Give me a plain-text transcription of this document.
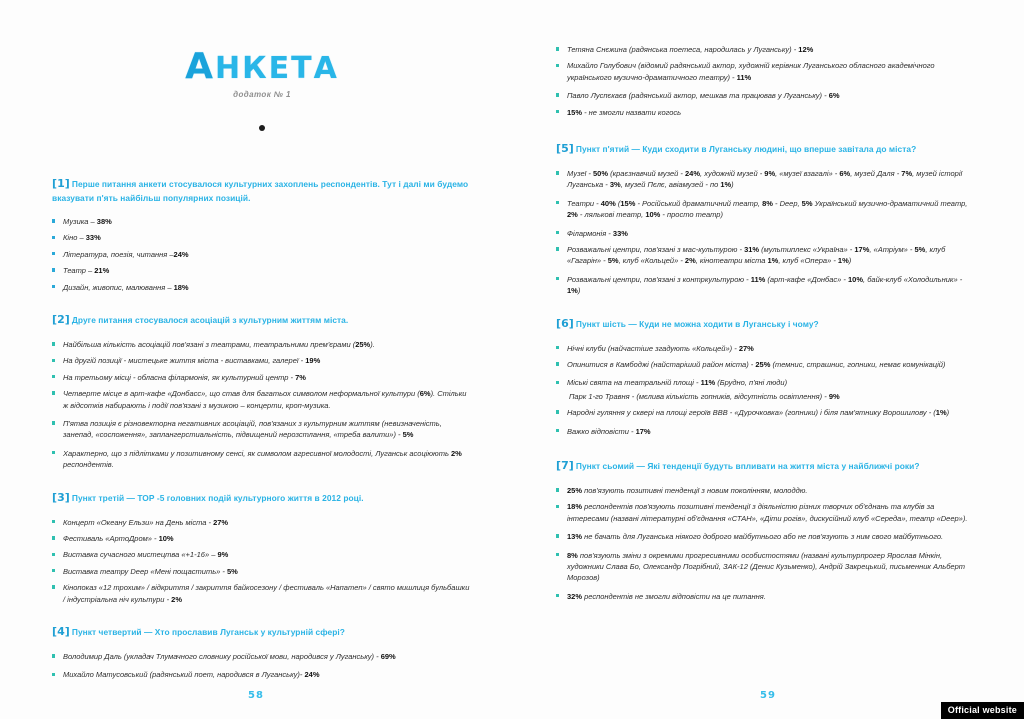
АНКЕТА
додаток № 1
[1] Перше питання анкети стосувалося культурних захоплень респондентів. Тут і далі ми будемо вказувати п'ять найбільш популярних позицій.
Музика – 38%
Кіно – 33%
Література, поезія, читання –24%
Театр – 21%
Дизайн, живопис, малювання – 18%
[2] Друге питання стосувалося асоціацій з культурним життям міста.
Найбільша кількість асоціацій пов'язані з театрами, театральними прем'єрами (25%).
На другій позиції - мистецьке життя міста - виставками, галереї - 19%
На третьому місці - обласна філармонія, як культурний центр - 7%
Четверте місце в арт-кафе «Донбасс», що став для багатьох символом неформальної культури (6%). Стільки ж відсотків набирають і події пов'язані з музикою – концерти, кроп-музика.
П'ятва позиція є різновекторна негативних асоціацій, пов'язаних з культурним життям (невизначеність, занепад, «соспоження», заплангерстиальність, підвищений нерозстлання, «треба валити») - 5%
Характерно, що з підлітками у позитивному сенсі, як символом агресивної молодості, Луганськ асоціюють 2% респондентів.
[3] Пункт третій — ТОР -5 головних подій культурного життя в 2012 році.
Концерт «Океану Ельзи» на День міста - 27%
Фестиваль «АртоДром» - 10%
Виставка сучасного мистецтва «+1-16» – 9%
Виставка театру Deep «Мені пощастить» - 5%
Кінопоказ «12 трохим» / відкриття / закриття байкосезону / фестиваль «Напатеп» / свято мишлиця бульбашки / індустріальна ніч культури - 2%
[4] Пункт четвертий — Хто прославив Луганськ у культурній сфері?
Володимир Даль (укладач Тлумачного словнику російської мови, народився у Луганську) - 69%
Михайло Матусовський (радянський поет, народився в Луганську)- 24%
58
Тетяна Снєжина (радянська поетеса, народилась у Луганську) - 12%
Михайло Голубович (відомий радянський актор, художній керівник Луганського обласного академічного українського музично-драматичного театру) - 11%
Павло Луспєкаєв (радянський актор, мешкав та працював у Луганську) - 6%
15% - не змогли назвати когось
[5] Пункт п'ятий — Куди сходити в Луганську людині, що вперше завітала до міста?
Музеї - 50% (краєзнавчий музей - 24%, художній музей - 9%, «музеї взагалі» - 6%, музей Даля - 7%, музей історії Луганська - 3%, музей Пєлє, авіамузей - по 1%)
Театри - 40% (15% - Російський драматичний театр, 8% - Deep, 5% Український музично-драматичний театр, 2% - лялькові театр, 10% - просто театр)
Філармонія - 33%
Розважальні центри, пов'язані з мас-культурою - 31% (мультиплекс «Україна» - 17%, «Атріум» - 5%, клуб «Гагарін» - 5%, клуб «Кольцей» - 2%, кінотеатри міста 1%, клуб «Опера» - 1%)
Розважальні центри, пов'язані з контркультурою - 11% (арт-кафе «Донбас» - 10%, байк-клуб «Холодильник» - 1%)
[6] Пункт шість — Куди не можна ходити в Луганську і чому?
Нічні клуби (найчастіше згадують «Кольцей») - 27%
Опинитися в Камбоджі (найстаріший район міста) - 25% (темнис, страшнис, гопники, немає комунікацій)
Міські свята на театральній площі - 11% (Брудно, п'яні люди)
Парк 1-го Травня - (мєлива кількість гопників, відсутність освітлення) - 9%
Народні гуляння у сквері на площі героїв ВВВ - «Дурочковка» (гопники) і біля пам'ятнику Ворошилову - (1%)
Важко відповісти - 17%
[7] Пункт сьомий — Які тенденції будуть впливати на життя міста у найближчі роки?
25% пов'язують позитивні тенденції з новим поколінням, молоддю.
18% респондентів пов'язують позитивні тенденції з діяльністю різних творчих об'єднань та клубів за інтересами (названі літературні об'єднання «СТАН», «Діти рогів», дискусійний клуб «Середа», театр «Deep»).
13% не бачать для Луганська ніякого добрoго майбутнього або не пов'язують з ним свого майбутнього.
8% пов'язують зміни з окремими прогресивними особистостями (названі культурпрогер Ярослав Мінкін, художники Слава Бо, Олександр Погрібний, ЗАК-12 (Денис Кузьменко), Андрій Закрецький, письменник Альберт Морозов)
32% респондентів не змогли відповісти на це питання.
59
Official website
